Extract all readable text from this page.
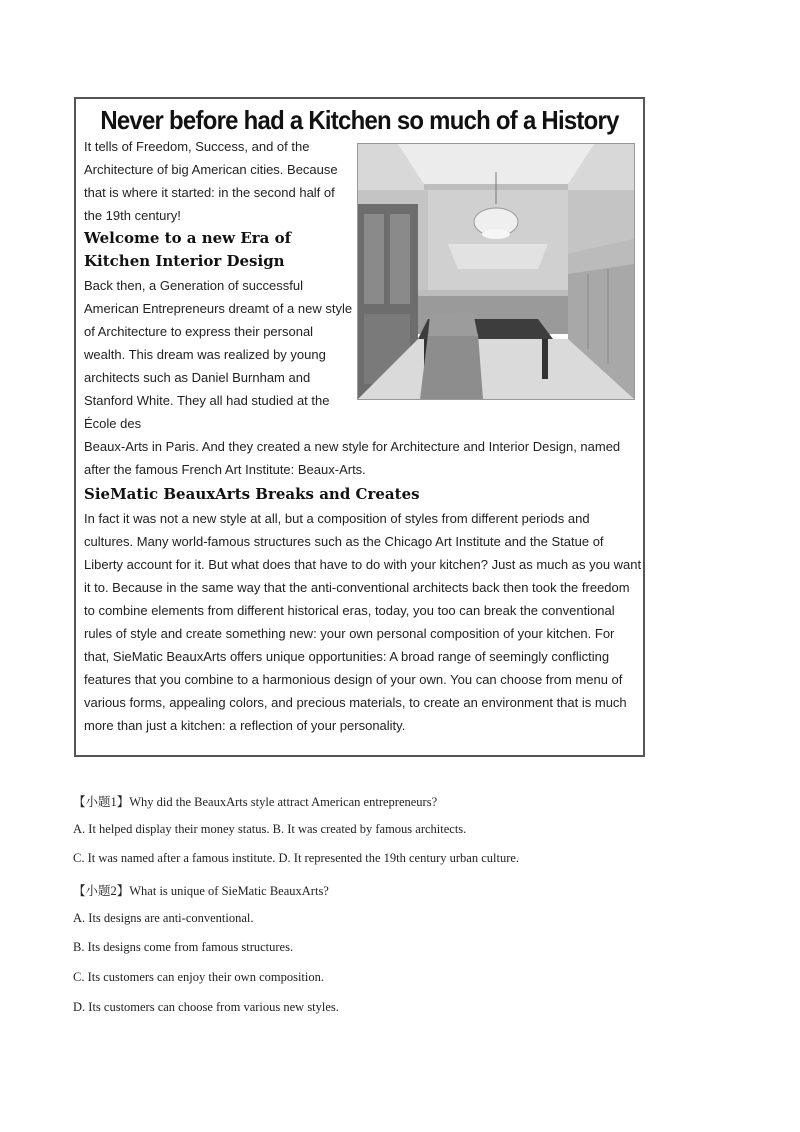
Never before had a Kitchen so much of a History
It tells of Freedom, Success, and of the Architecture of big American cities. Because that is where it started: in the second half of the 19th century!
Welcome to a new Era of Kitchen Interior Design
Back then, a Generation of successful American Entrepreneurs dreamt of a new style of Architecture to express their personal wealth. This dream was realized by young architects such as Daniel Burnham and Stanford White. They all had studied at the École des
Beaux-Arts in Paris. And they created a new style for Architecture and Interior Design, named after the famous French Art Institute: Beaux-Arts.
SieMatic BeauxArts Breaks and Creates
In fact it was not a new style at all, but a composition of styles from different periods and cultures. Many world-famous structures such as the Chicago Art Institute and the Statue of Liberty account for it. But what does that have to do with your kitchen? Just as much as you want it to. Because in the same way that the anti-conventional architects back then took the freedom to combine elements from different historical eras, today, you too can break the conventional rules of style and create something new: your own personal composition of your kitchen. For that, SieMatic BeauxArts offers unique opportunities: A broad range of seemingly conflicting features that you combine to a harmonious design of your own. You can choose from menu of various forms, appealing colors, and precious materials, to create an environment that is much more than just a kitchen: a reflection of your personality.
【小题1】Why did the BeauxArts style attract American entrepreneurs?
A. It helped display their money status. B. It was created by famous architects.
C. It was named after a famous institute. D. It represented the 19th century urban culture.
【小题2】What is unique of SieMatic BeauxArts?
A. Its designs are anti-conventional.
B. Its designs come from famous structures.
C. Its customers can enjoy their own composition.
D. Its customers can choose from various new styles.
